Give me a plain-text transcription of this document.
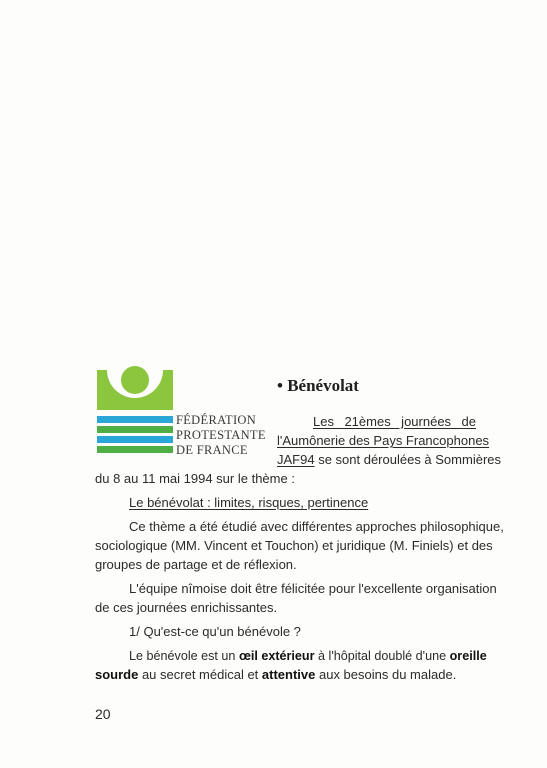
FÉDÉRATION
PROTESTANTE
DE FRANCE
• Bénévolat
Les 21èmes journées de
l'Aumônerie des Pays Francophones
JAF94 se sont déroulées à Sommières
du 8 au 11 mai 1994 sur le thème :
Le bénévolat : limites, risques, pertinence
Ce thème a été étudié avec différentes approches philosophique,
sociologique (MM. Vincent et Touchon) et juridique (M. Finiels) et des
groupes de partage et de réflexion.
L'équipe nîmoise doit être félicitée pour l'excellente organisation
de ces journées enrichissantes.
1/ Qu'est-ce qu'un bénévole ?
Le bénévole est un œil extérieur à l'hôpital doublé d'une oreille
sourde au secret médical et attentive aux besoins du malade.
20
